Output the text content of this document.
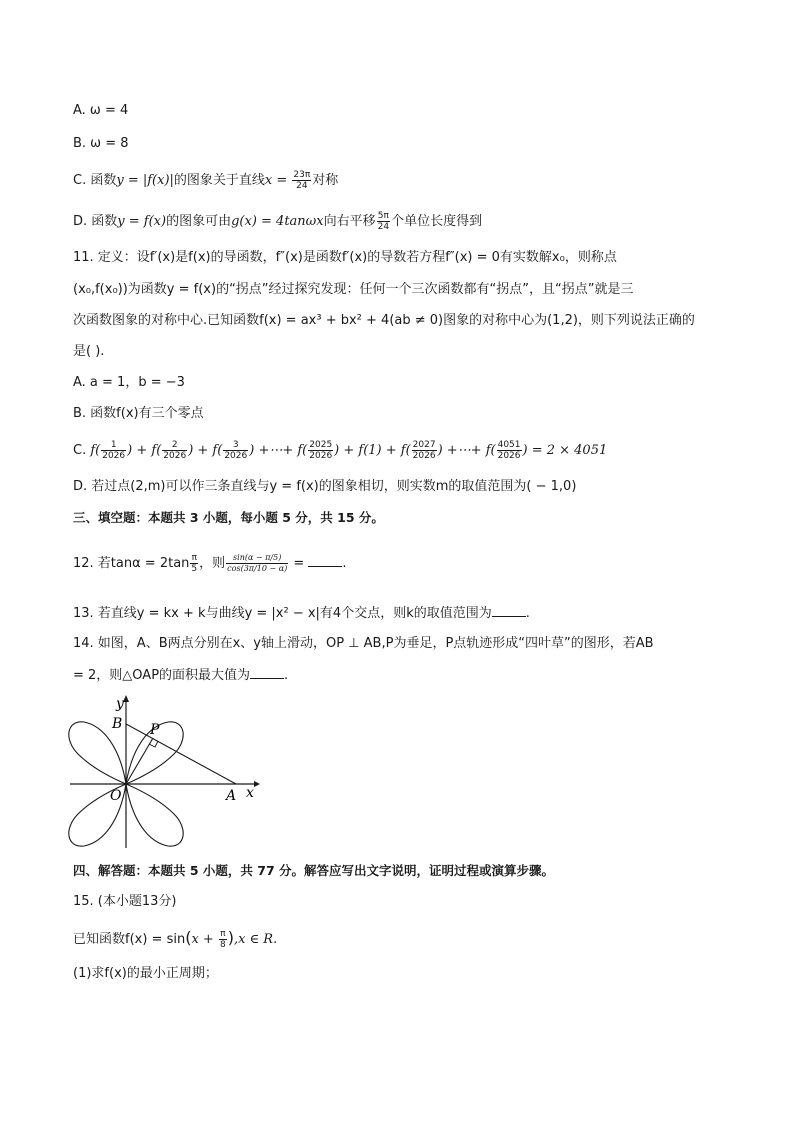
A. ω = 4
B. ω = 8
C. 函数y = |f(x)|的图象关于直线$x = \frac{23\pi}{24}$ 对称
D. 函数y = f(x)的图象可由g(x) = 4tanωx向右平移 $\frac{5\pi}{24}$ 个单位长度得到
11. 定义：设f′(x)是f(x)的导函数，f″(x)是函数f′(x)的导数若方程f″(x) = 0有实数解x₀，则称点
(x₀,f(x₀))为函数y = f(x)的“拐点”经过探究发现：任何一个三次函数都有“拐点”，且“拐点”就是三
次函数图象的对称中心.已知函数f(x) = ax³ + bx² + 4(ab ≠ 0)图象的对称中心为(1,2)，则下列说法正确的
是( ).
A. a = 1，b = −3
B. 函数f(x)有三个零点
C. $f( \frac{1}{2026}$ ) + $f( \frac{2}{2026}$ ) + $f( \frac{3}{2026}$ ) +⋯+ $f( \frac{2025}{2026}$ ) + $f(1) + f( \frac{2027}{2026}$ ) +⋯+ $f( \frac{4051}{2026}$ ) = 2 × 4051
D. 若过点(2,m)可以作三条直线与y = f(x)的图象相切，则实数m的取值范围为( − 1,0)
三、填空题：本题共 3 小题，每小题 5 分，共 15 分。
12. 若$\tan\alpha = 2\tan \frac{\pi}{5}$ ，则 $\frac{\sin(\alpha - \pi/5)}{\cos(3\pi/10 - \alpha)}$ =	.
13. 若直线y = kx + k与曲线y = |x² − x|有4个交点，则k的取值范围为	.
14. 如图，A、B两点分别在x、y轴上滑动，OP ⊥ AB,P为垂足，P点轨迹形成“四叶草”的图形，若AB
= 2，则△OAP的面积最大值为	.
y
B P
O	A x
四、解答题：本题共 5 小题，共 77 分。解答应写出文字说明，证明过程或演算步骤。
15. (本小题13分)
已知函数$f(x) = \sin(x + \frac{\pi}{8} ),x$ ∈ R.
(1)求f(x)的最小正周期；
